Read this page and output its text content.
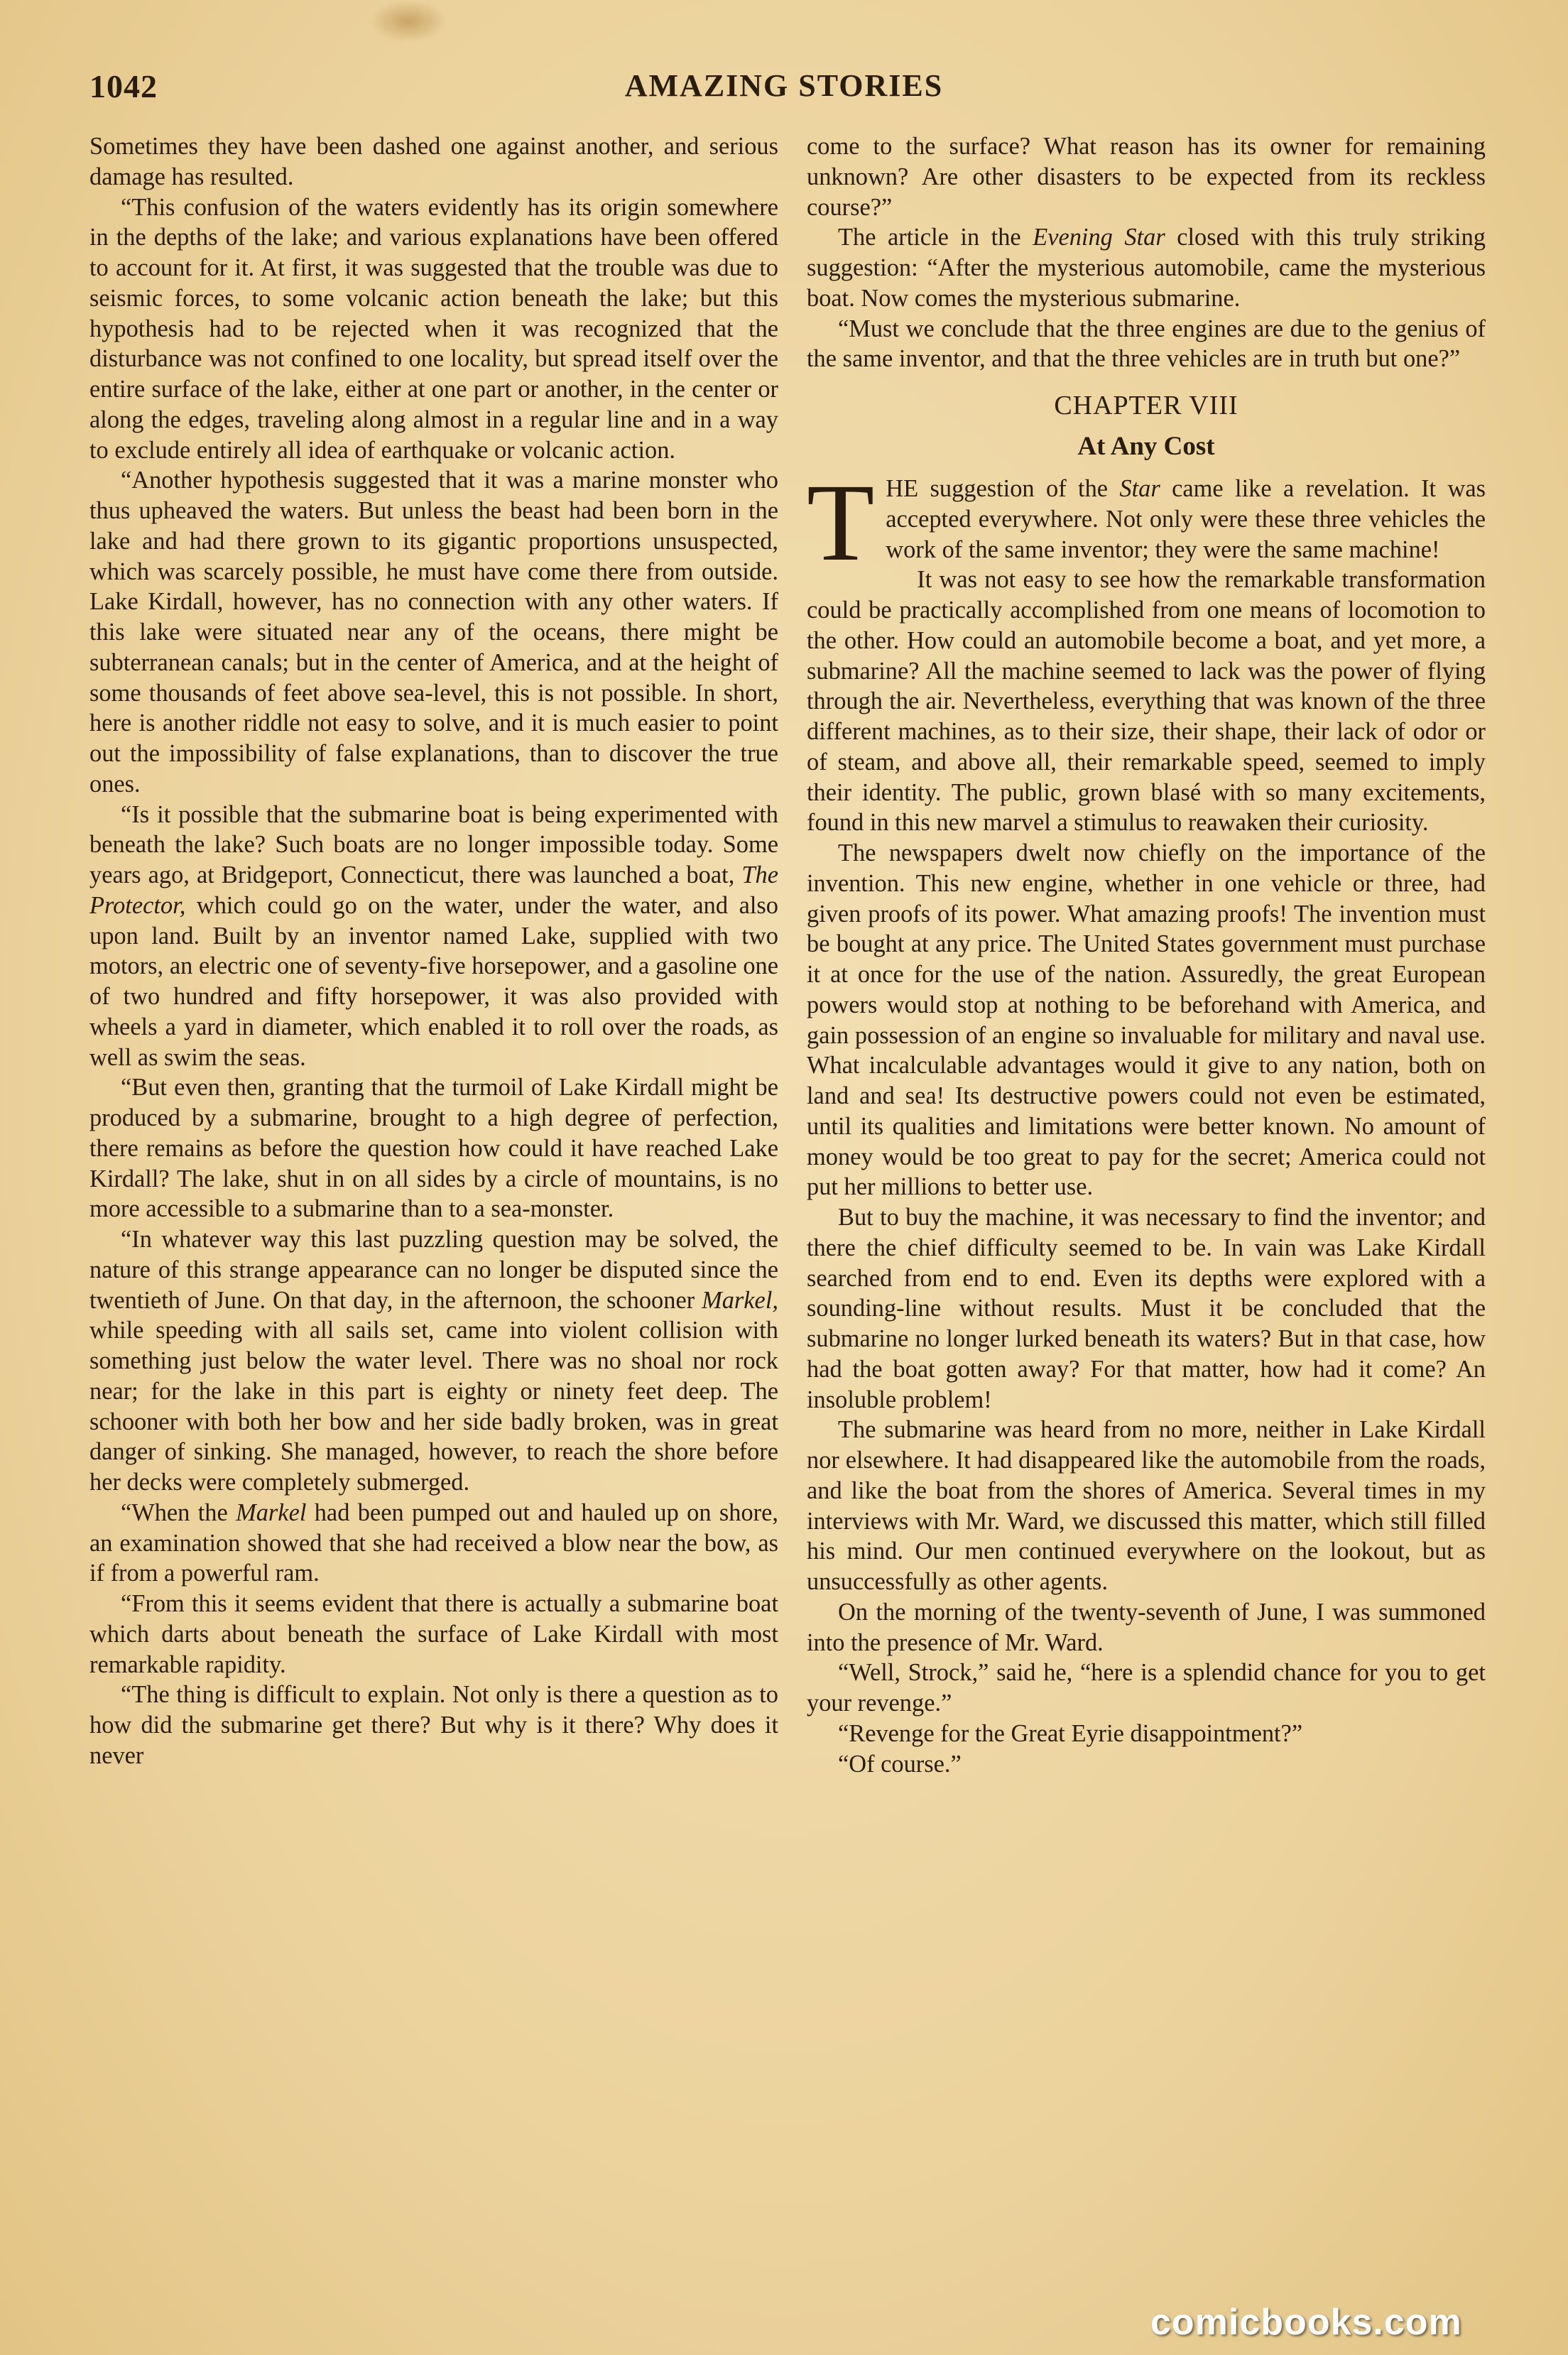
1042	AMAZING STORIES

Sometimes they have been dashed one against another, and serious damage has resulted.

“This confusion of the waters evidently has its origin somewhere in the depths of the lake; and various explanations have been offered to account for it. At first, it was suggested that the trouble was due to seismic forces, to some volcanic action beneath the lake; but this hypothesis had to be rejected when it was recognized that the disturbance was not confined to one locality, but spread itself over the entire surface of the lake, either at one part or another, in the center or along the edges, traveling along almost in a regular line and in a way to exclude entirely all idea of earthquake or volcanic action.

“Another hypothesis suggested that it was a marine monster who thus upheaved the waters. But unless the beast had been born in the lake and had there grown to its gigantic proportions unsuspected, which was scarcely possible, he must have come there from outside. Lake Kirdall, however, has no connection with any other waters. If this lake were situated near any of the oceans, there might be subterranean canals; but in the center of America, and at the height of some thousands of feet above sea-level, this is not possible. In short, here is another riddle not easy to solve, and it is much easier to point out the impossibility of false explanations, than to discover the true ones.

“Is it possible that the submarine boat is being experimented with beneath the lake? Such boats are no longer impossible today. Some years ago, at Bridgeport, Connecticut, there was launched a boat, The Protector, which could go on the water, under the water, and also upon land. Built by an inventor named Lake, supplied with two motors, an electric one of seventy-five horsepower, and a gasoline one of two hundred and fifty horsepower, it was also provided with wheels a yard in diameter, which enabled it to roll over the roads, as well as swim the seas.

“But even then, granting that the turmoil of Lake Kirdall might be produced by a submarine, brought to a high degree of perfection, there remains as before the question how could it have reached Lake Kirdall? The lake, shut in on all sides by a circle of mountains, is no more accessible to a submarine than to a sea-monster.

“In whatever way this last puzzling question may be solved, the nature of this strange appearance can no longer be disputed since the twentieth of June. On that day, in the afternoon, the schooner Markel, while speeding with all sails set, came into violent collision with something just below the water level. There was no shoal nor rock near; for the lake in this part is eighty or ninety feet deep. The schooner with both her bow and her side badly broken, was in great danger of sinking. She managed, however, to reach the shore before her decks were completely submerged.

“When the Markel had been pumped out and hauled up on shore, an examination showed that she had received a blow near the bow, as if from a powerful ram.

“From this it seems evident that there is actually a submarine boat which darts about beneath the surface of Lake Kirdall with most remarkable rapidity.

“The thing is difficult to explain. Not only is there a question as to how did the submarine get there? But why is it there? Why does it never

come to the surface? What reason has its owner for remaining unknown? Are other disasters to be expected from its reckless course?”

The article in the Evening Star closed with this truly striking suggestion: “After the mysterious automobile, came the mysterious boat. Now comes the mysterious submarine.

“Must we conclude that the three engines are due to the genius of the same inventor, and that the three vehicles are in truth but one?”

CHAPTER VIII
At Any Cost

THE suggestion of the Star came like a revelation. It was accepted everywhere. Not only were these three vehicles the work of the same inventor; they were the same machine!

It was not easy to see how the remarkable transformation could be practically accomplished from one means of locomotion to the other. How could an automobile become a boat, and yet more, a submarine? All the machine seemed to lack was the power of flying through the air. Nevertheless, everything that was known of the three different machines, as to their size, their shape, their lack of odor or of steam, and above all, their remarkable speed, seemed to imply their identity. The public, grown blasé with so many excitements, found in this new marvel a stimulus to reawaken their curiosity.

The newspapers dwelt now chiefly on the importance of the invention. This new engine, whether in one vehicle or three, had given proofs of its power. What amazing proofs! The invention must be bought at any price. The United States government must purchase it at once for the use of the nation. Assuredly, the great European powers would stop at nothing to be beforehand with America, and gain possession of an engine so invaluable for military and naval use. What incalculable advantages would it give to any nation, both on land and sea! Its destructive powers could not even be estimated, until its qualities and limitations were better known. No amount of money would be too great to pay for the secret; America could not put her millions to better use.

But to buy the machine, it was necessary to find the inventor; and there the chief difficulty seemed to be. In vain was Lake Kirdall searched from end to end. Even its depths were explored with a sounding-line without results. Must it be concluded that the submarine no longer lurked beneath its waters? But in that case, how had the boat gotten away? For that matter, how had it come? An insoluble problem!

The submarine was heard from no more, neither in Lake Kirdall nor elsewhere. It had disappeared like the automobile from the roads, and like the boat from the shores of America. Several times in my interviews with Mr. Ward, we discussed this matter, which still filled his mind. Our men continued everywhere on the lookout, but as unsuccessfully as other agents.

On the morning of the twenty-seventh of June, I was summoned into the presence of Mr. Ward.

“Well, Strock,” said he, “here is a splendid chance for you to get your revenge.”

“Revenge for the Great Eyrie disappointment?”

“Of course.”

comicbooks.com
